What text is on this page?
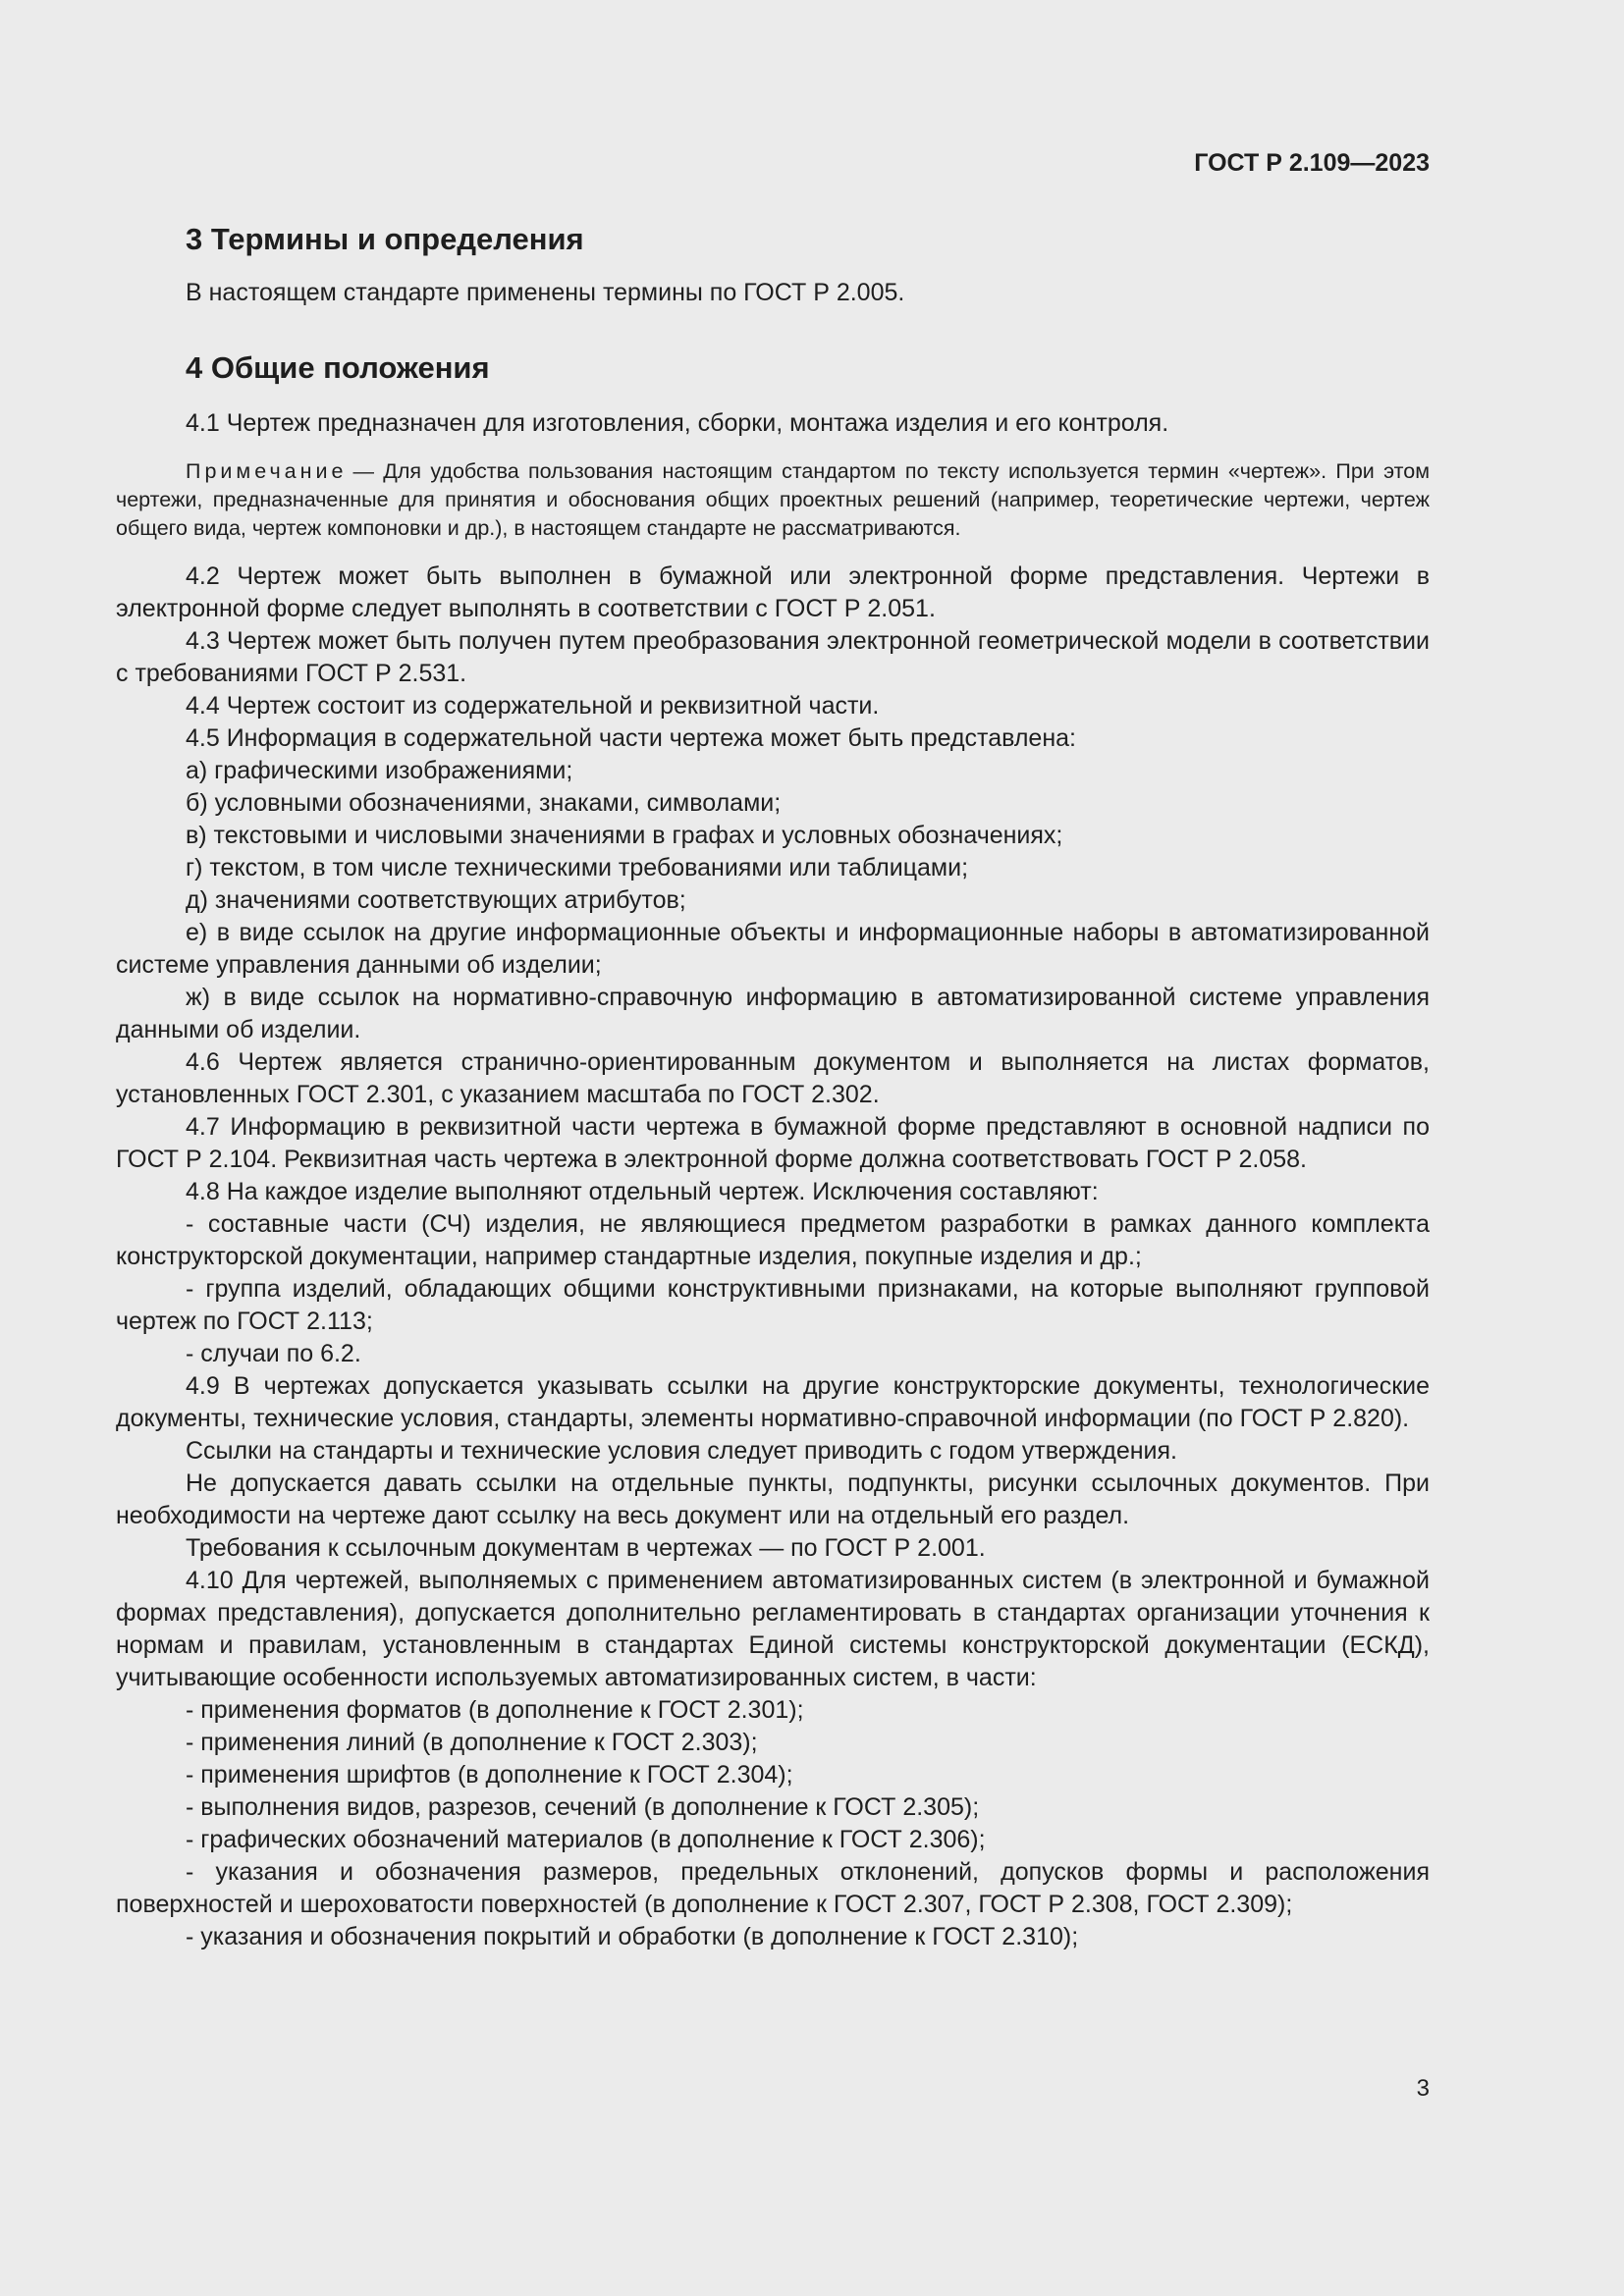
ГОСТ Р 2.109—2023
3 Термины и определения

В настоящем стандарте применены термины по ГОСТ Р 2.005.

4 Общие положения

4.1 Чертеж предназначен для изготовления, сборки, монтажа изделия и его контроля.

Примечание — Для удобства пользования настоящим стандартом по тексту используется термин «чертеж». При этом чертежи, предназначенные для принятия и обоснования общих проектных решений (например, теоретические чертежи, чертеж общего вида, чертеж компоновки и др.), в настоящем стандарте не рассматриваются.

4.2 Чертеж может быть выполнен в бумажной или электронной форме представления. Чертежи в электронной форме следует выполнять в соответствии с ГОСТ Р 2.051.

4.3 Чертеж может быть получен путем преобразования электронной геометрической модели в соответствии с требованиями ГОСТ Р 2.531.

4.4 Чертеж состоит из содержательной и реквизитной части.

4.5 Информация в содержательной части чертежа может быть представлена:

а) графическими изображениями;

б) условными обозначениями, знаками, символами;

в) текстовыми и числовыми значениями в графах и условных обозначениях;

г) текстом, в том числе техническими требованиями или таблицами;

д) значениями соответствующих атрибутов;

е) в виде ссылок на другие информационные объекты и информационные наборы в автоматизированной системе управления данными об изделии;

ж) в виде ссылок на нормативно-справочную информацию в автоматизированной системе управления данными об изделии.

4.6 Чертеж является странично-ориентированным документом и выполняется на листах форматов, установленных ГОСТ 2.301, с указанием масштаба по ГОСТ 2.302.

4.7 Информацию в реквизитной части чертежа в бумажной форме представляют в основной надписи по ГОСТ Р 2.104. Реквизитная часть чертежа в электронной форме должна соответствовать ГОСТ Р 2.058.

4.8 На каждое изделие выполняют отдельный чертеж. Исключения составляют:

- составные части (СЧ) изделия, не являющиеся предметом разработки в рамках данного комплекта конструкторской документации, например стандартные изделия, покупные изделия и др.;

- группа изделий, обладающих общими конструктивными признаками, на которые выполняют групповой чертеж по ГОСТ 2.113;

- случаи по 6.2.

4.9 В чертежах допускается указывать ссылки на другие конструкторские документы, технологические документы, технические условия, стандарты, элементы нормативно-справочной информации (по ГОСТ Р 2.820).

Ссылки на стандарты и технические условия следует приводить с годом утверждения.

Не допускается давать ссылки на отдельные пункты, подпункты, рисунки ссылочных документов. При необходимости на чертеже дают ссылку на весь документ или на отдельный его раздел.

Требования к ссылочным документам в чертежах — по ГОСТ Р 2.001.

4.10 Для чертежей, выполняемых с применением автоматизированных систем (в электронной и бумажной формах представления), допускается дополнительно регламентировать в стандартах организации уточнения к нормам и правилам, установленным в стандартах Единой системы конструкторской документации (ЕСКД), учитывающие особенности используемых автоматизированных систем, в части:

- применения форматов (в дополнение к ГОСТ 2.301);

- применения линий (в дополнение к ГОСТ 2.303);

- применения шрифтов (в дополнение к ГОСТ 2.304);

- выполнения видов, разрезов, сечений (в дополнение к ГОСТ 2.305);

- графических обозначений материалов (в дополнение к ГОСТ 2.306);

- указания и обозначения размеров, предельных отклонений, допусков формы и расположения поверхностей и шероховатости поверхностей (в дополнение к ГОСТ 2.307, ГОСТ Р 2.308, ГОСТ 2.309);

- указания и обозначения покрытий и обработки (в дополнение к ГОСТ 2.310);

3
